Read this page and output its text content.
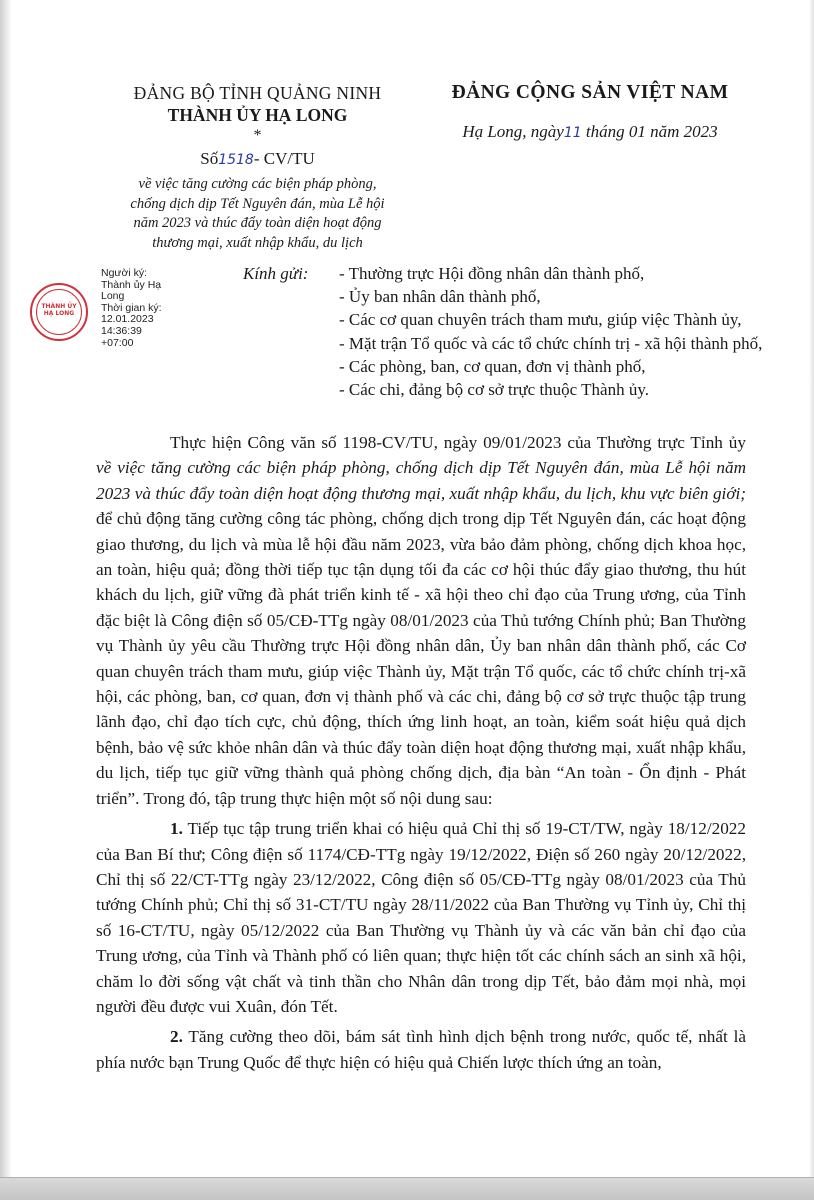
ĐẢNG BỘ TỈNH QUẢNG NINH
THÀNH ỦY HẠ LONG
*
Số1518- CV/TU
về việc tăng cường các biện pháp phòng,
chống dịch dịp Tết Nguyên đán, mùa Lễ hội
năm 2023 và thúc đẩy toàn diện hoạt động
thương mại, xuất nhập khẩu, du lịch
ĐẢNG CỘNG SẢN VIỆT NAM
Hạ Long, ngày11 tháng 01 năm 2023
THÀNH ỦY HẠ LONG
Người ký:
Thành ủy Hạ
Long
Thời gian ký:
12.01.2023
14:36:39
+07:00
Kính gửi: - Thường trực Hội đồng nhân dân thành phố,
- Ủy ban nhân dân thành phố,
- Các cơ quan chuyên trách tham mưu, giúp việc Thành ủy,
- Mặt trận Tổ quốc và các tổ chức chính trị - xã hội thành phố,
- Các phòng, ban, cơ quan, đơn vị thành phố,
- Các chi, đảng bộ cơ sở trực thuộc Thành ủy.

Thực hiện Công văn số 1198-CV/TU, ngày 09/01/2023 của Thường trực Tỉnh ủy về việc tăng cường các biện pháp phòng, chống dịch dịp Tết Nguyên đán, mùa Lễ hội năm 2023 và thúc đẩy toàn diện hoạt động thương mại, xuất nhập khẩu, du lịch, khu vực biên giới; để chủ động tăng cường công tác phòng, chống dịch trong dịp Tết Nguyên đán, các hoạt động giao thương, du lịch và mùa lễ hội đầu năm 2023, vừa bảo đảm phòng, chống dịch khoa học, an toàn, hiệu quả; đồng thời tiếp tục tận dụng tối đa các cơ hội thúc đẩy giao thương, thu hút khách du lịch, giữ vững đà phát triển kinh tế - xã hội theo chỉ đạo của Trung ương, của Tỉnh đặc biệt là Công điện số 05/CĐ-TTg ngày 08/01/2023 của Thủ tướng Chính phủ; Ban Thường vụ Thành ủy yêu cầu Thường trực Hội đồng nhân dân, Ủy ban nhân dân thành phố, các Cơ quan chuyên trách tham mưu, giúp việc Thành ủy, Mặt trận Tổ quốc, các tổ chức chính trị-xã hội, các phòng, ban, cơ quan, đơn vị thành phố và các chi, đảng bộ cơ sở trực thuộc tập trung lãnh đạo, chỉ đạo tích cực, chủ động, thích ứng linh hoạt, an toàn, kiểm soát hiệu quả dịch bệnh, bảo vệ sức khỏe nhân dân và thúc đẩy toàn diện hoạt động thương mại, xuất nhập khẩu, du lịch, tiếp tục giữ vững thành quả phòng chống dịch, địa bàn “An toàn - Ổn định - Phát triển”. Trong đó, tập trung thực hiện một số nội dung sau:

1. Tiếp tục tập trung triển khai có hiệu quả Chỉ thị số 19-CT/TW, ngày 18/12/2022 của Ban Bí thư; Công điện số 1174/CĐ-TTg ngày 19/12/2022, Điện số 260 ngày 20/12/2022, Chỉ thị số 22/CT-TTg ngày 23/12/2022, Công điện số 05/CĐ-TTg ngày 08/01/2023 của Thủ tướng Chính phủ; Chỉ thị số 31-CT/TU ngày 28/11/2022 của Ban Thường vụ Tỉnh ủy, Chỉ thị số 16-CT/TU, ngày 05/12/2022 của Ban Thường vụ Thành ủy và các văn bản chỉ đạo của Trung ương, của Tỉnh và Thành phố có liên quan; thực hiện tốt các chính sách an sinh xã hội, chăm lo đời sống vật chất và tinh thần cho Nhân dân trong dịp Tết, bảo đảm mọi nhà, mọi người đều được vui Xuân, đón Tết.

2. Tăng cường theo dõi, bám sát tình hình dịch bệnh trong nước, quốc tế, nhất là phía nước bạn Trung Quốc để thực hiện có hiệu quả Chiến lược thích ứng an toàn,
